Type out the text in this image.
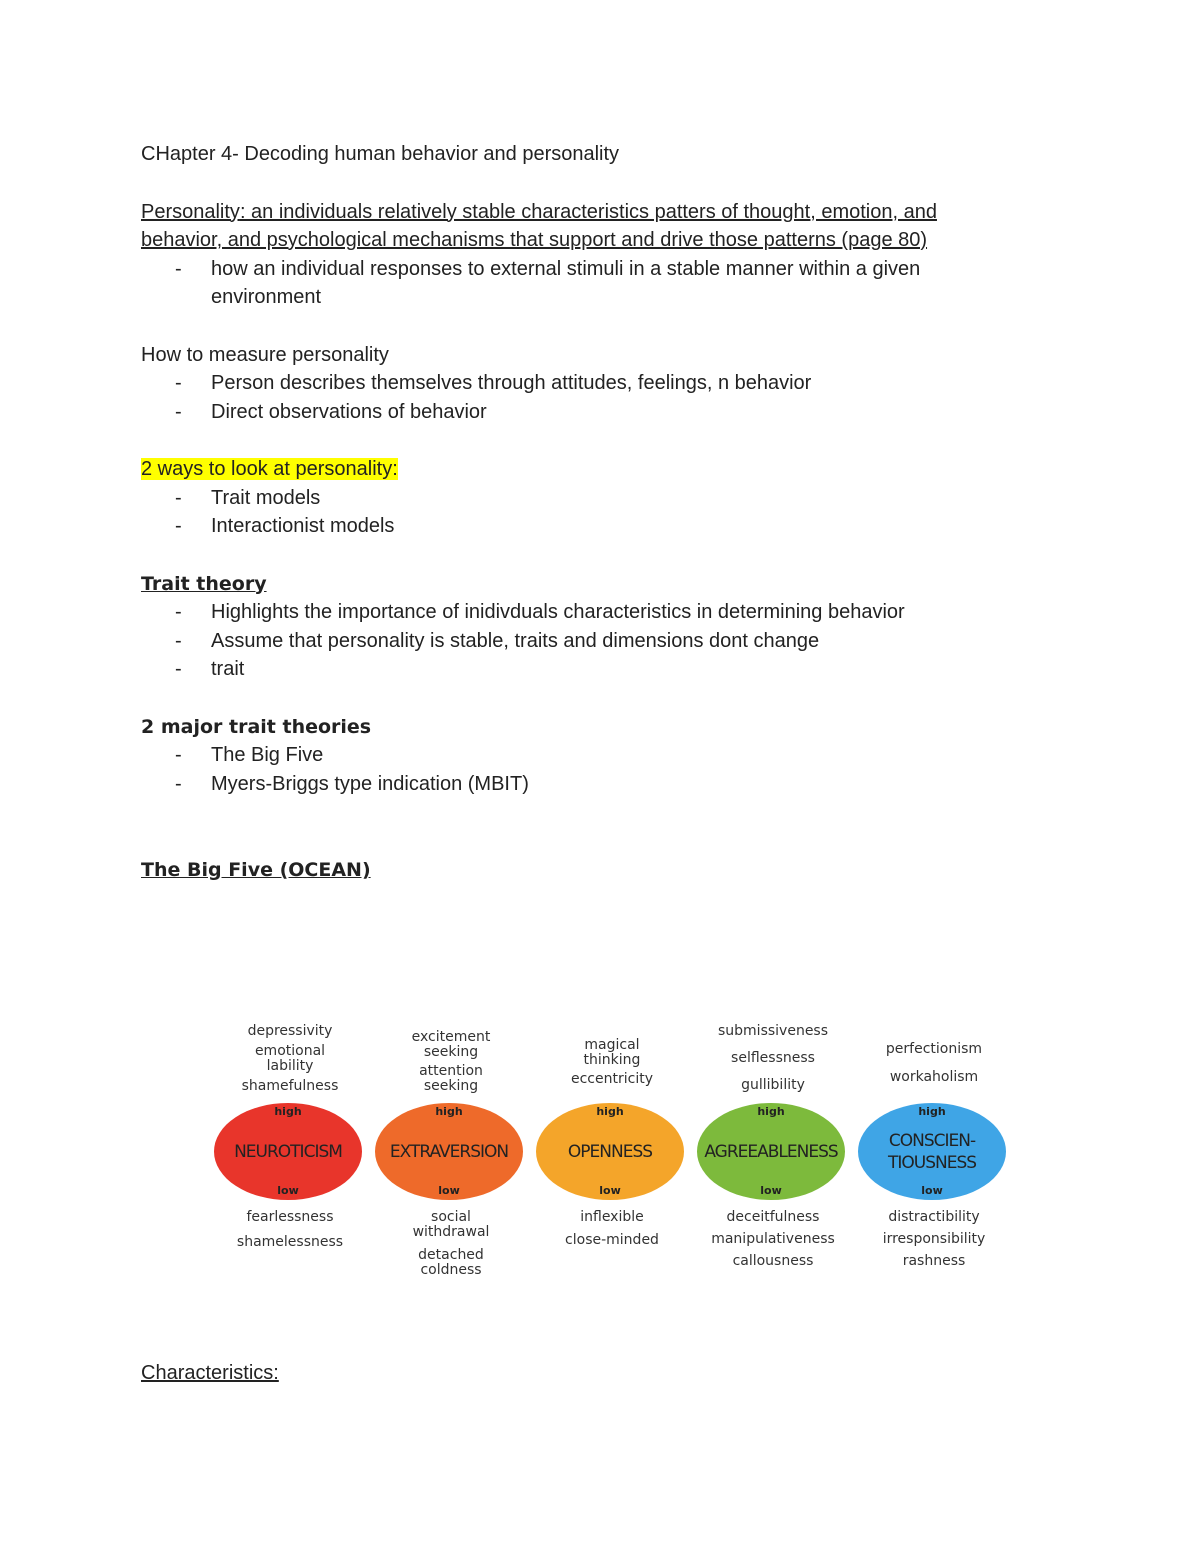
CHapter 4- Decoding human behavior and personality

Personality: an individuals relatively stable characteristics patters of thought, emotion, and

behavior, and psychological mechanisms that support and drive those patterns (page 80)

- how an individual responses to external stimuli in a stable manner within a given environment

How to measure personality

- Person describes themselves through attitudes, feelings, n behavior
- Direct observations of behavior

2 ways to look at personality:

- Trait models
- Interactionist models

Trait theory

- Highlights the importance of inidivduals characteristics in determining behavior
- Assume that personality is stable, traits and dimensions dont change
- trait

2 major trait theories

- The Big Five
- Myers-Briggs type indication (MBIT)

The Big Five (OCEAN)

depressivity
emotional
lability
shamefulness
high
NEUROTICISM
low
fearlessness
shamelessness
excitement
seeking
attention
seeking
high
EXTRAVERSION
low
social
withdrawal
detached
coldness
magical
thinking
eccentricity
high
OPENNESS
low
inflexible
close-minded
submissiveness
selflessness
gullibility
high
AGREEABLENESS
low
deceitfulness
manipulativeness
callousness
perfectionism
workaholism
high
CONSCIEN-
TIOUSNESS
low
distractibility
irresponsibility
rashness

Characteristics:
